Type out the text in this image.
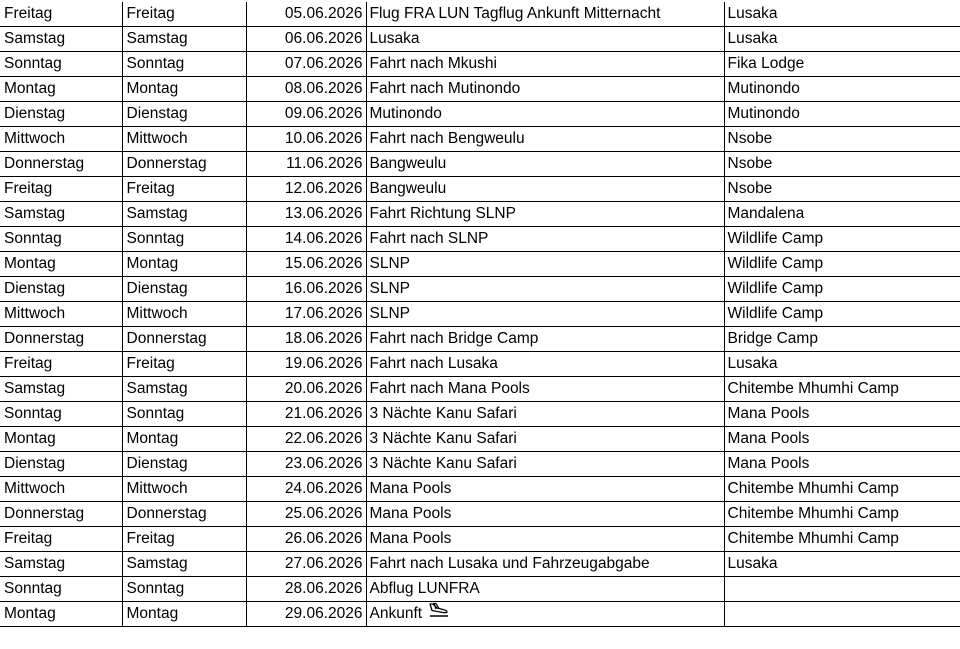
Freitag	Freitag	05.06.2026	Flug FRA LUN Tagflug Ankunft Mitternacht	Lusaka
Samstag	Samstag	06.06.2026	Lusaka	Lusaka
Sonntag	Sonntag	07.06.2026	Fahrt nach Mkushi	Fika Lodge
Montag	Montag	08.06.2026	Fahrt nach Mutinondo	Mutinondo
Dienstag	Dienstag	09.06.2026	Mutinondo	Mutinondo
Mittwoch	Mittwoch	10.06.2026	Fahrt nach Bengweulu	Nsobe
Donnerstag	Donnerstag	11.06.2026	Bangweulu	Nsobe
Freitag	Freitag	12.06.2026	Bangweulu	Nsobe
Samstag	Samstag	13.06.2026	Fahrt Richtung SLNP	Mandalena
Sonntag	Sonntag	14.06.2026	Fahrt nach SLNP	Wildlife Camp
Montag	Montag	15.06.2026	SLNP	Wildlife Camp
Dienstag	Dienstag	16.06.2026	SLNP	Wildlife Camp
Mittwoch	Mittwoch	17.06.2026	SLNP	Wildlife Camp
Donnerstag	Donnerstag	18.06.2026	Fahrt nach Bridge Camp	Bridge Camp
Freitag	Freitag	19.06.2026	Fahrt nach Lusaka	Lusaka
Samstag	Samstag	20.06.2026	Fahrt nach Mana Pools	Chitembe Mhumhi Camp
Sonntag	Sonntag	21.06.2026	3 Nächte Kanu Safari	Mana Pools
Montag	Montag	22.06.2026	3 Nächte Kanu Safari	Mana Pools
Dienstag	Dienstag	23.06.2026	3 Nächte Kanu Safari	Mana Pools
Mittwoch	Mittwoch	24.06.2026	Mana Pools	Chitembe Mhumhi Camp
Donnerstag	Donnerstag	25.06.2026	Mana Pools	Chitembe Mhumhi Camp
Freitag	Freitag	26.06.2026	Mana Pools	Chitembe Mhumhi Camp
Samstag	Samstag	27.06.2026	Fahrt nach Lusaka und Fahrzeugabgabe	Lusaka
Sonntag	Sonntag	28.06.2026	Abflug LUNFRA	
Montag	Montag	29.06.2026	Ankunft	
